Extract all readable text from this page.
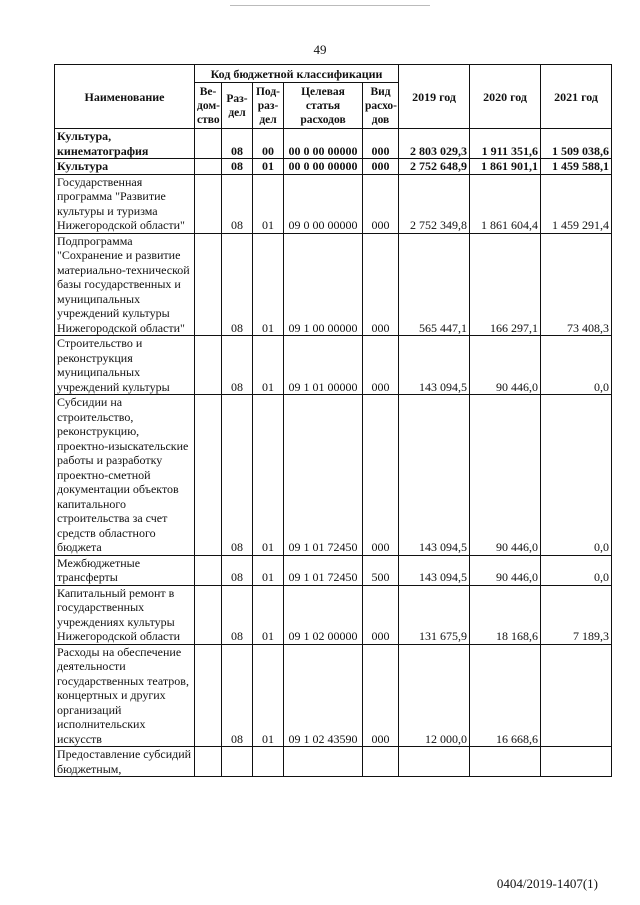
49
Наименование	Код бюджетной классификации					2019 год	2020 год	2021 год
	Ве-дом-ство	Раз-дел	Под-раз-дел	Целевая статья расходов	Вид расхо-дов			
Культура, кинематография		08	00	00 0 00 00000	000	2 803 029,3	1 911 351,6	1 509 038,6
Культура		08	01	00 0 00 00000	000	2 752 648,9	1 861 901,1	1 459 588,1
Государственная программа "Развитие культуры и туризма Нижегородской области"		08	01	09 0 00 00000	000	2 752 349,8	1 861 604,4	1 459 291,4
Подпрограмма "Сохранение и развитие материально-технической базы государственных и муниципальных учреждений культуры Нижегородской области"		08	01	09 1 00 00000	000	565 447,1	166 297,1	73 408,3
Строительство и реконструкция муниципальных учреждений культуры		08	01	09 1 01 00000	000	143 094,5	90 446,0	0,0
Субсидии на строительство, реконструкцию, проектно-изыскательские работы и разработку проектно-сметной документации объектов капитального строительства за счет средств областного бюджета		08	01	09 1 01 72450	000	143 094,5	90 446,0	0,0
Межбюджетные трансферты		08	01	09 1 01 72450	500	143 094,5	90 446,0	0,0
Капитальный ремонт в государственных учреждениях культуры Нижегородской области		08	01	09 1 02 00000	000	131 675,9	18 168,6	7 189,3
Расходы на обеспечение деятельности государственных театров, концертных и других организаций исполнительских искусств		08	01	09 1 02 43590	000	12 000,0	16 668,6	
Предоставление субсидий бюджетным,								
0404/2019-1407(1)
